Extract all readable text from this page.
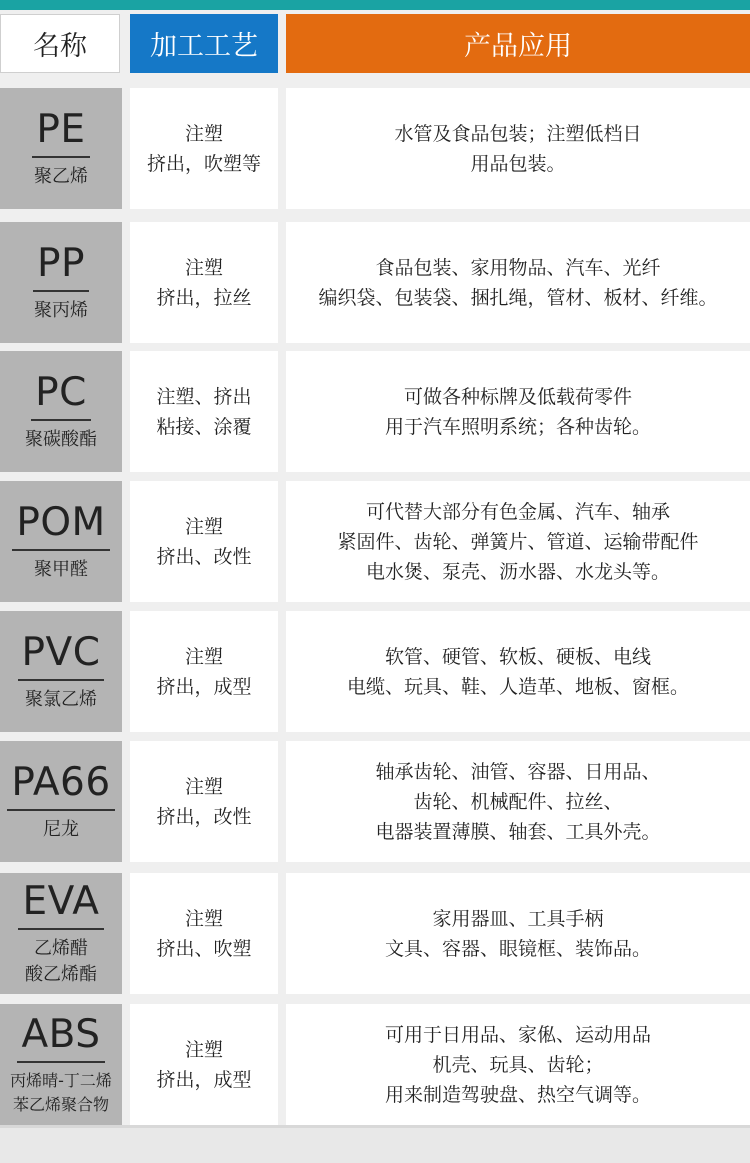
名称	加工工艺	产品应用
PE
聚乙烯
注塑
挤出，吹塑等
水管及食品包装；注塑低档日
用品包装。
PP
聚丙烯
注塑
挤出，拉丝
食品包装、家用物品、汽车、光纤
编织袋、包装袋、捆扎绳，管材、板材、纤维。
PC
聚碳酸酯
注塑、挤出
粘接、涂覆
可做各种标牌及低载荷零件
用于汽车照明系统；各种齿轮。
POM
聚甲醛
注塑
挤出、改性
可代替大部分有色金属、汽车、轴承
紧固件、齿轮、弹簧片、管道、运输带配件
电水煲、泵壳、沥水器、水龙头等。
PVC
聚氯乙烯
注塑
挤出，成型
软管、硬管、软板、硬板、电线
电缆、玩具、鞋、人造革、地板、窗框。
PA66
尼龙
注塑
挤出，改性
轴承齿轮、油管、容器、日用品、
齿轮、机械配件、拉丝、
电器装置薄膜、轴套、工具外壳。
EVA
乙烯醋
酸乙烯酯
注塑
挤出、吹塑
家用器皿、工具手柄
文具、容器、眼镜框、装饰品。
ABS
丙烯晴-丁二烯
苯乙烯聚合物
注塑
挤出，成型
可用于日用品、家俬、运动用品
机壳、玩具、齿轮；
用来制造驾驶盘、热空气调等。
